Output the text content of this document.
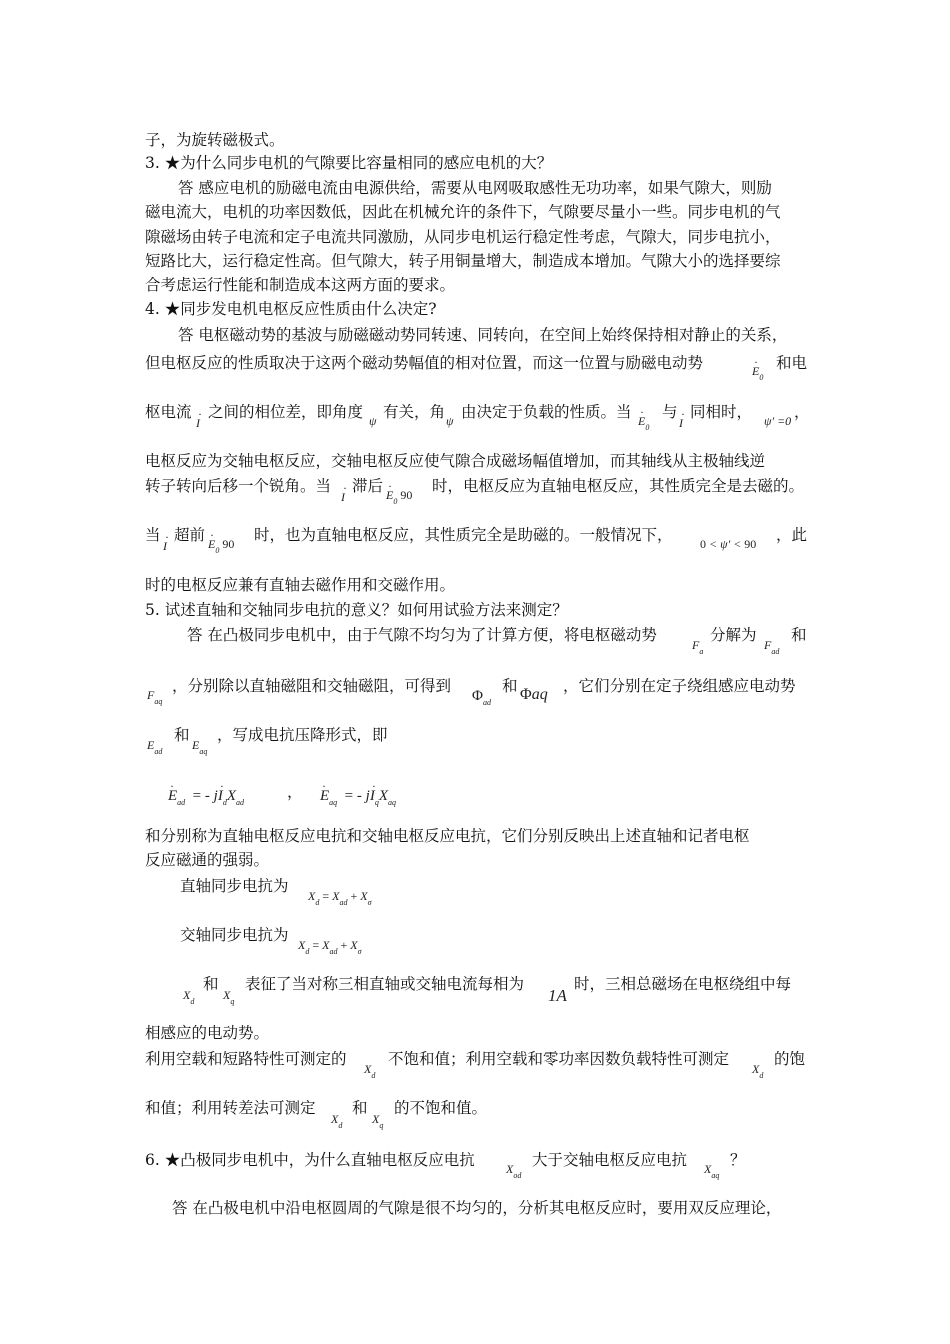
子，为旋转磁极式。
3. ★为什么同步电机的气隙要比容量相同的感应电机的大？
答 感应电机的励磁电流由电源供给，需要从电网吸取感性无功功率，如果气隙大，则励
磁电流大，电机的功率因数低，因此在机械允许的条件下，气隙要尽量小一些。同步电机的气
隙磁场由转子电流和定子电流共同激励，从同步电机运行稳定性考虑，气隙大，同步电抗小，
短路比大，运行稳定性高。但气隙大，转子用铜量增大，制造成本增加。气隙大小的选择要综
合考虑运行性能和制造成本这两方面的要求。
4. ★同步发电机电枢反应性质由什么决定?
答 电枢磁动势的基波与励磁磁动势同转速、同转向，在空间上始终保持相对静止的关系，
但电枢反应的性质取决于这两个磁动势幅值的相对位置，而这一位置与励磁电动势	· $E_0$
和电
枢电流
· I
之间的相位差，即角度 ψ 有关，角 ψ 由决定于负载的性质。当 · $E_0$
与
· I
同相时， ψ′ =0 ，
电枢反应为交轴电枢反应，交轴电枢反应使气隙合成磁场幅值增加，而其轴线从主极轴线逆
转子转向后移一个锐角。当
· I
滞后 · $E_0$ 90 时，电枢反应为直轴电枢反应，其性质完全是去磁的。
当
· I
超前 · $E_0$ 90 时，也为直轴电枢反应，其性质完全是助磁的。一般情况下， 0 < ψ′ < 90 ，此
时的电枢反应兼有直轴去磁作用和交磁作用。
5. 试述直轴和交轴同步电抗的意义？如何用试验方法来测定？
答 在凸极同步电机中，由于气隙不均匀为了计算方便，将电枢磁动势
$F_a$
分解为
$F_{ad}$
和
$F_{aq}$
，分别除以直轴磁阻和交轴磁阻，可得到
$\Phi_{ad}$
和 Φaq ，它们分别在定子绕组感应电动势
$E_{ad}$
和
$E_{aq}$
，写成电抗压降形式，即
· $E_{ad}$ = - $j\cdot I_dX_{ad}$
， · $E_{aq}$ = - $j\cdot I_qX_{aq}$
和分别称为直轴电枢反应电抗和交轴电枢反应电抗，它们分别反映出上述直轴和记者电枢
反应磁通的强弱。
直轴同步电抗为
$X_d = X_{ad} + X_\sigma$
交轴同步电抗为
$X_d = X_{ad} + X_\sigma$
$X_d$
和
$X_q$
表征了当对称三相直轴或交轴电流每相为
1A
时，三相总磁场在电枢绕组中每
相感应的电动势。
利用空载和短路特性可测定的
$X_d$
不饱和值；利用空载和零功率因数负载特性可测定
$X_d$
的饱
和值；利用转差法可测定
$X_d$
和
$X_q$
的不饱和值。
6. ★凸极同步电机中，为什么直轴电枢反应电抗	$X_{od}$
大于交轴电枢反应电抗 $X_{aq}$
？
答 在凸极电机中沿电枢圆周的气隙是很不均匀的，分析其电枢反应时，要用双反应理论，
